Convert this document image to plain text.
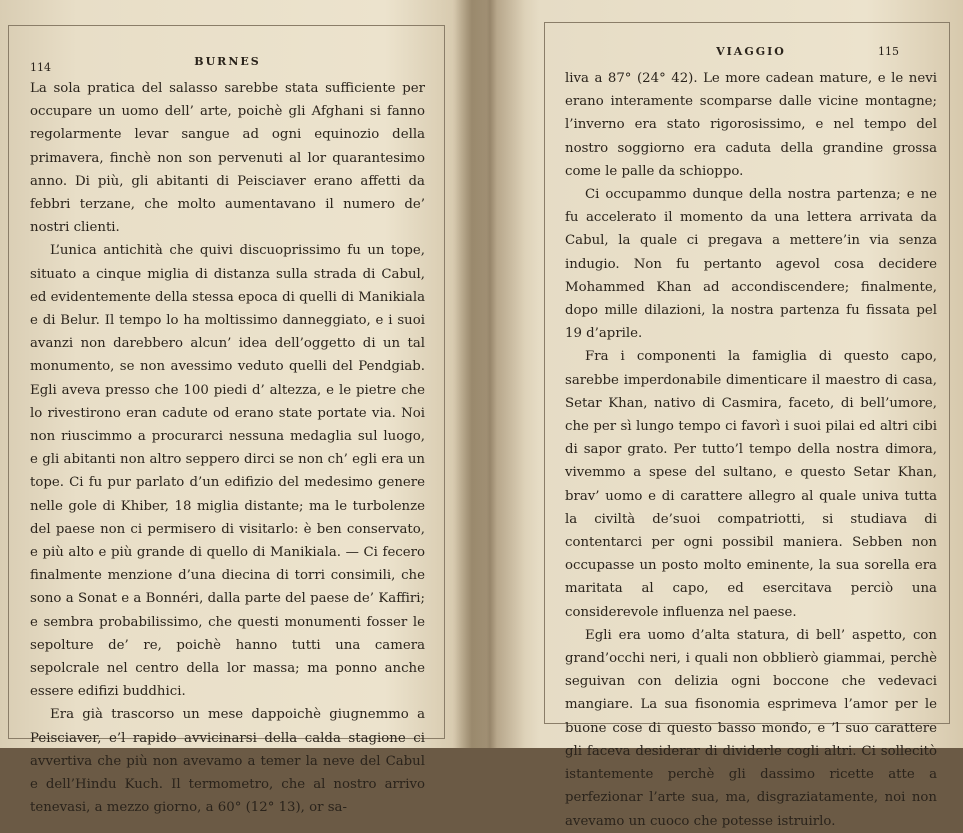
114	BURNES

La sola pratica del salasso sarebbe stata sufficiente per occupare un uomo dell’ arte, poichè gli Afghani si fanno regolarmente levar sangue ad ogni equinozio della primavera, finchè non son pervenuti al lor quarantesimo anno. Di più, gli abitanti di Peisciaver erano affetti da febbri terzane, che molto aumentavano il numero de’ nostri clienti.

L’unica antichità che quivi discuoprissimo fu un tope, situato a cinque miglia di distanza sulla strada di Cabul, ed evidentemente della stessa epoca di quelli di Manikiala e di Belur. Il tempo lo ha moltissimo danneggiato, e i suoi avanzi non darebbero alcun’ idea dell’oggetto di un tal monumento, se non avessimo veduto quelli del Pendgiab. Egli aveva presso che 100 piedi d’ altezza, e le pietre che lo rivestirono eran cadute od erano state portate via. Noi non riuscimmo a procurarci nessuna medaglia sul luogo, e gli abitanti non altro seppero dirci se non ch’ egli era un tope. Ci fu pur parlato d’un edifizio del medesimo genere nelle gole di Khiber, 18 miglia distante; ma le turbolenze del paese non ci permisero di visitarlo: è ben conservato, e più alto e più grande di quello di Manikiala. — Ci fecero finalmente menzione d’una diecina di torri consimili, che sono a Sonat e a Bonnéri, dalla parte del paese de’ Kaffiri; e sembra probabilissimo, che questi monumenti fosser le sepolture de’ re, poichè hanno tutti una camera sepolcrale nel centro della lor massa; ma ponno anche essere edifizi buddhici.

Era già trascorso un mese dappoichè giugnemmo a Peisciaver, e’l rapido avvicinarsi della calda stagione ci avvertiva che più non avevamo a temer la neve del Cabul e dell’Hindu Kuch. Il termometro, che al nostro arrivo tenevasi, a mezzo giorno, a 60° (12° 13), or sa-

VIAGGIO	115

liva a 87° (24° 42). Le more cadean mature, e le nevi erano interamente scomparse dalle vicine montagne; l’inverno era stato rigorosissimo, e nel tempo del nostro soggiorno era caduta della grandine grossa come le palle da schioppo.

Ci occupammo dunque della nostra partenza; e ne fu accelerato il momento da una lettera arrivata da Cabul, la quale ci pregava a mettere’in via senza indugio. Non fu pertanto agevol cosa decidere Mohammed Khan ad accondiscendere; finalmente, dopo mille dilazioni, la nostra partenza fu fissata pel 19 d’aprile.

Fra i componenti la famiglia di questo capo, sarebbe imperdonabile dimenticare il maestro di casa, Setar Khan, nativo di Casmira, faceto, di bell’umore, che per sì lungo tempo ci favorì i suoi pilai ed altri cibi di sapor grato. Per tutto’l tempo della nostra dimora, vivemmo a spese del sultano, e questo Setar Khan, brav’ uomo e di carattere allegro al quale univa tutta la civiltà de’suoi compatriotti, si studiava di contentarci per ogni possibil maniera. Sebben non occupasse un posto molto eminente, la sua sorella era maritata al capo, ed esercitava perciò una considerevole influenza nel paese.

Egli era uomo d’alta statura, di bell’ aspetto, con grand’occhi neri, i quali non obblierò giammai, perchè seguivan con delizia ogni boccone che vedevaci mangiare. La sua fisonomia esprimeva l’amor per le buone cose di questo basso mondo, e ’l suo carattere gli faceva desiderar di dividerle cogli altri. Ci sollecitò istantemente perchè gli dassimo ricette atte a perfezionar l’arte sua, ma, disgraziatamente, noi non avevamo un cuoco che potesse istruirlo.
